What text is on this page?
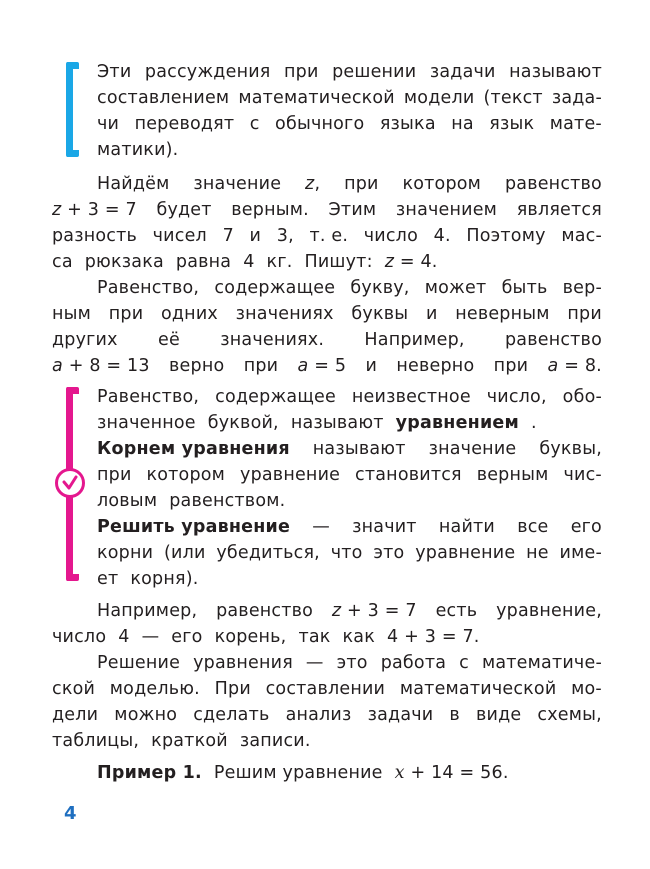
Эти рассуждения при решении задачи называют
составлением математической модели (текст зада-
чи переводят с обычного языка на язык мате-
матики).
Найдём значение z, при котором равенство
z + 3 = 7 будет верным. Этим значением является
разность чисел 7 и 3, т. е. число 4. Поэтому мас-
са рюкзака равна 4 кг. Пишут: z = 4.
Равенство, содержащее букву, может быть вер-
ным при одних значениях буквы и неверным при
других её значениях. Например, равенство
a + 8 = 13 верно при a = 5 и неверно при a = 8.
Равенство, содержащее неизвестное число, обо-
значенное буквой, называют уравнением .
Корнем уравнения называют значение буквы,
при котором уравнение становится верным чис-
ловым равенством.
Решить уравнение — значит найти все его
корни (или убедиться, что это уравнение не име-
ет корня).
Например, равенство z + 3 = 7 есть уравнение,
число 4 — его корень, так как 4 + 3 = 7.
Решение уравнения — это работа с математиче-
ской моделью. При составлении математической мо-
дели можно сделать анализ задачи в виде схемы,
таблицы, краткой записи.
Пример 1. Решим уравнение x + 14 = 56.
4
